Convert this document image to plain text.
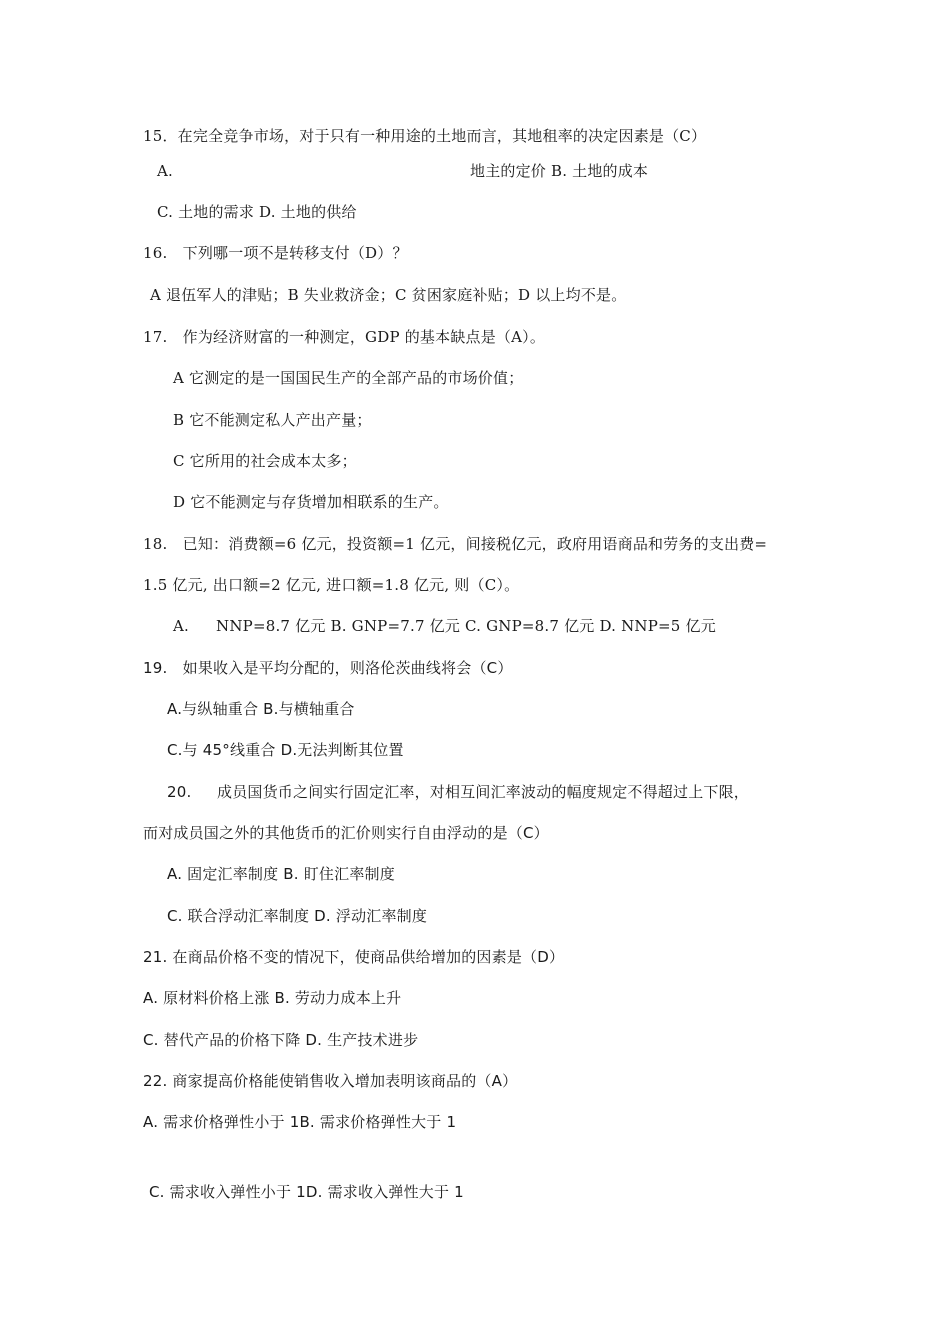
15．在完全竞争市场，对于只有一种用途的土地而言，其地租率的决定因素是（C）
A.	地主的定价 B. 土地的成本
C. 土地的需求 D. 土地的供给
16.　下列哪一项不是转移支付（D）？
A 退伍军人的津贴；B 失业救济金；C 贫困家庭补贴；D 以上均不是。
17.　作为经济财富的一种测定，GDP 的基本缺点是（A）。
A 它测定的是一国国民生产的全部产品的市场价值；
B 它不能测定私人产出产量；
C 它所用的社会成本太多；
D 它不能测定与存货增加相联系的生产。
18.　已知：消费额=6 亿元，投资额=1 亿元，间接税亿元，政府用语商品和劳务的支出费=
1.5 亿元, 出口额=2 亿元, 进口额=1.8 亿元, 则（C）。
A. NNP=8.7 亿元 B. GNP=7.7 亿元 C. GNP=8.7 亿元 D. NNP=5 亿元
19.　如果收入是平均分配的，则洛伦茨曲线将会（C）
A.与纵轴重合 B.与横轴重合
C.与 45°线重合 D.无法判断其位置
20. 成员国货币之间实行固定汇率，对相互间汇率波动的幅度规定不得超过上下限，
而对成员国之外的其他货币的汇价则实行自由浮动的是（C）
A. 固定汇率制度 B. 盯住汇率制度
C. 联合浮动汇率制度 D. 浮动汇率制度
21. 在商品价格不变的情况下，使商品供给增加的因素是（D）
A. 原材料价格上涨 B. 劳动力成本上升
C. 替代产品的价格下降 D. 生产技术进步
22. 商家提高价格能使销售收入增加表明该商品的（A）
A. 需求价格弹性小于 1B. 需求价格弹性大于 1
C. 需求收入弹性小于 1D. 需求收入弹性大于 1
